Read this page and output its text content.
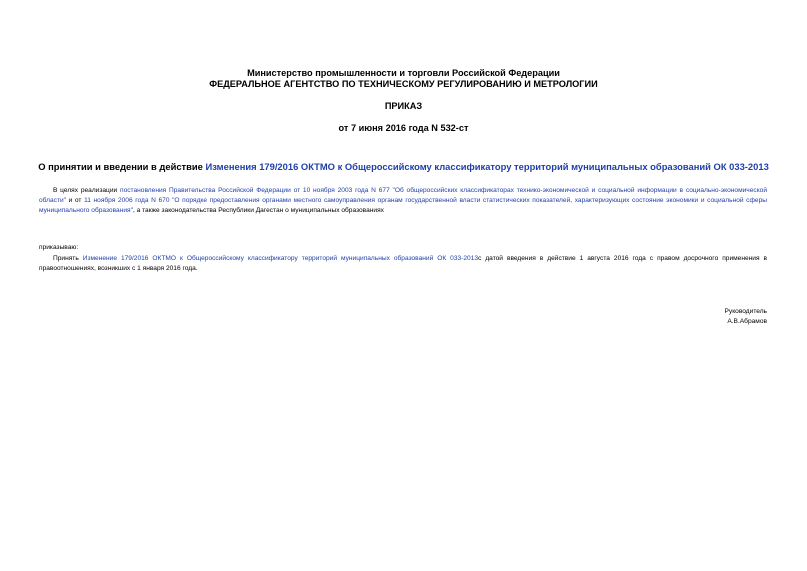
Министерство промышленности и торговли Российской Федерации
ФЕДЕРАЛЬНОЕ АГЕНТСТВО ПО ТЕХНИЧЕСКОМУ РЕГУЛИРОВАНИЮ И МЕТРОЛОГИИ
ПРИКАЗ
от 7 июня 2016 года N 532-ст
О принятии и введении в действие Изменения 179/2016 ОКТМО к Общероссийскому классификатору территорий муниципальных образований ОК 033-2013
В целях реализации постановления Правительства Российской Федерации от 10 ноября 2003 года N 677 "Об общероссийских классификаторах технико-экономической и социальной информации в социально-экономической области" и от 11 ноября 2006 года N 670 "О порядке предоставления органами местного самоуправления органам государственной власти статистических показателей, характеризующих состояние экономики и социальной сферы муниципального образования", а также законодательства Республики Дагестан о муниципальных образованиях
приказываю:
Принять Изменение 179/2016 ОКТМО к Общероссийскому классификатору территорий муниципальных образований ОК 033-2013с датой введения в действие 1 августа 2016 года с правом досрочного применения в правоотношениях, возникших с 1 января 2016 года.
Руководитель
А.В.Абрамов
